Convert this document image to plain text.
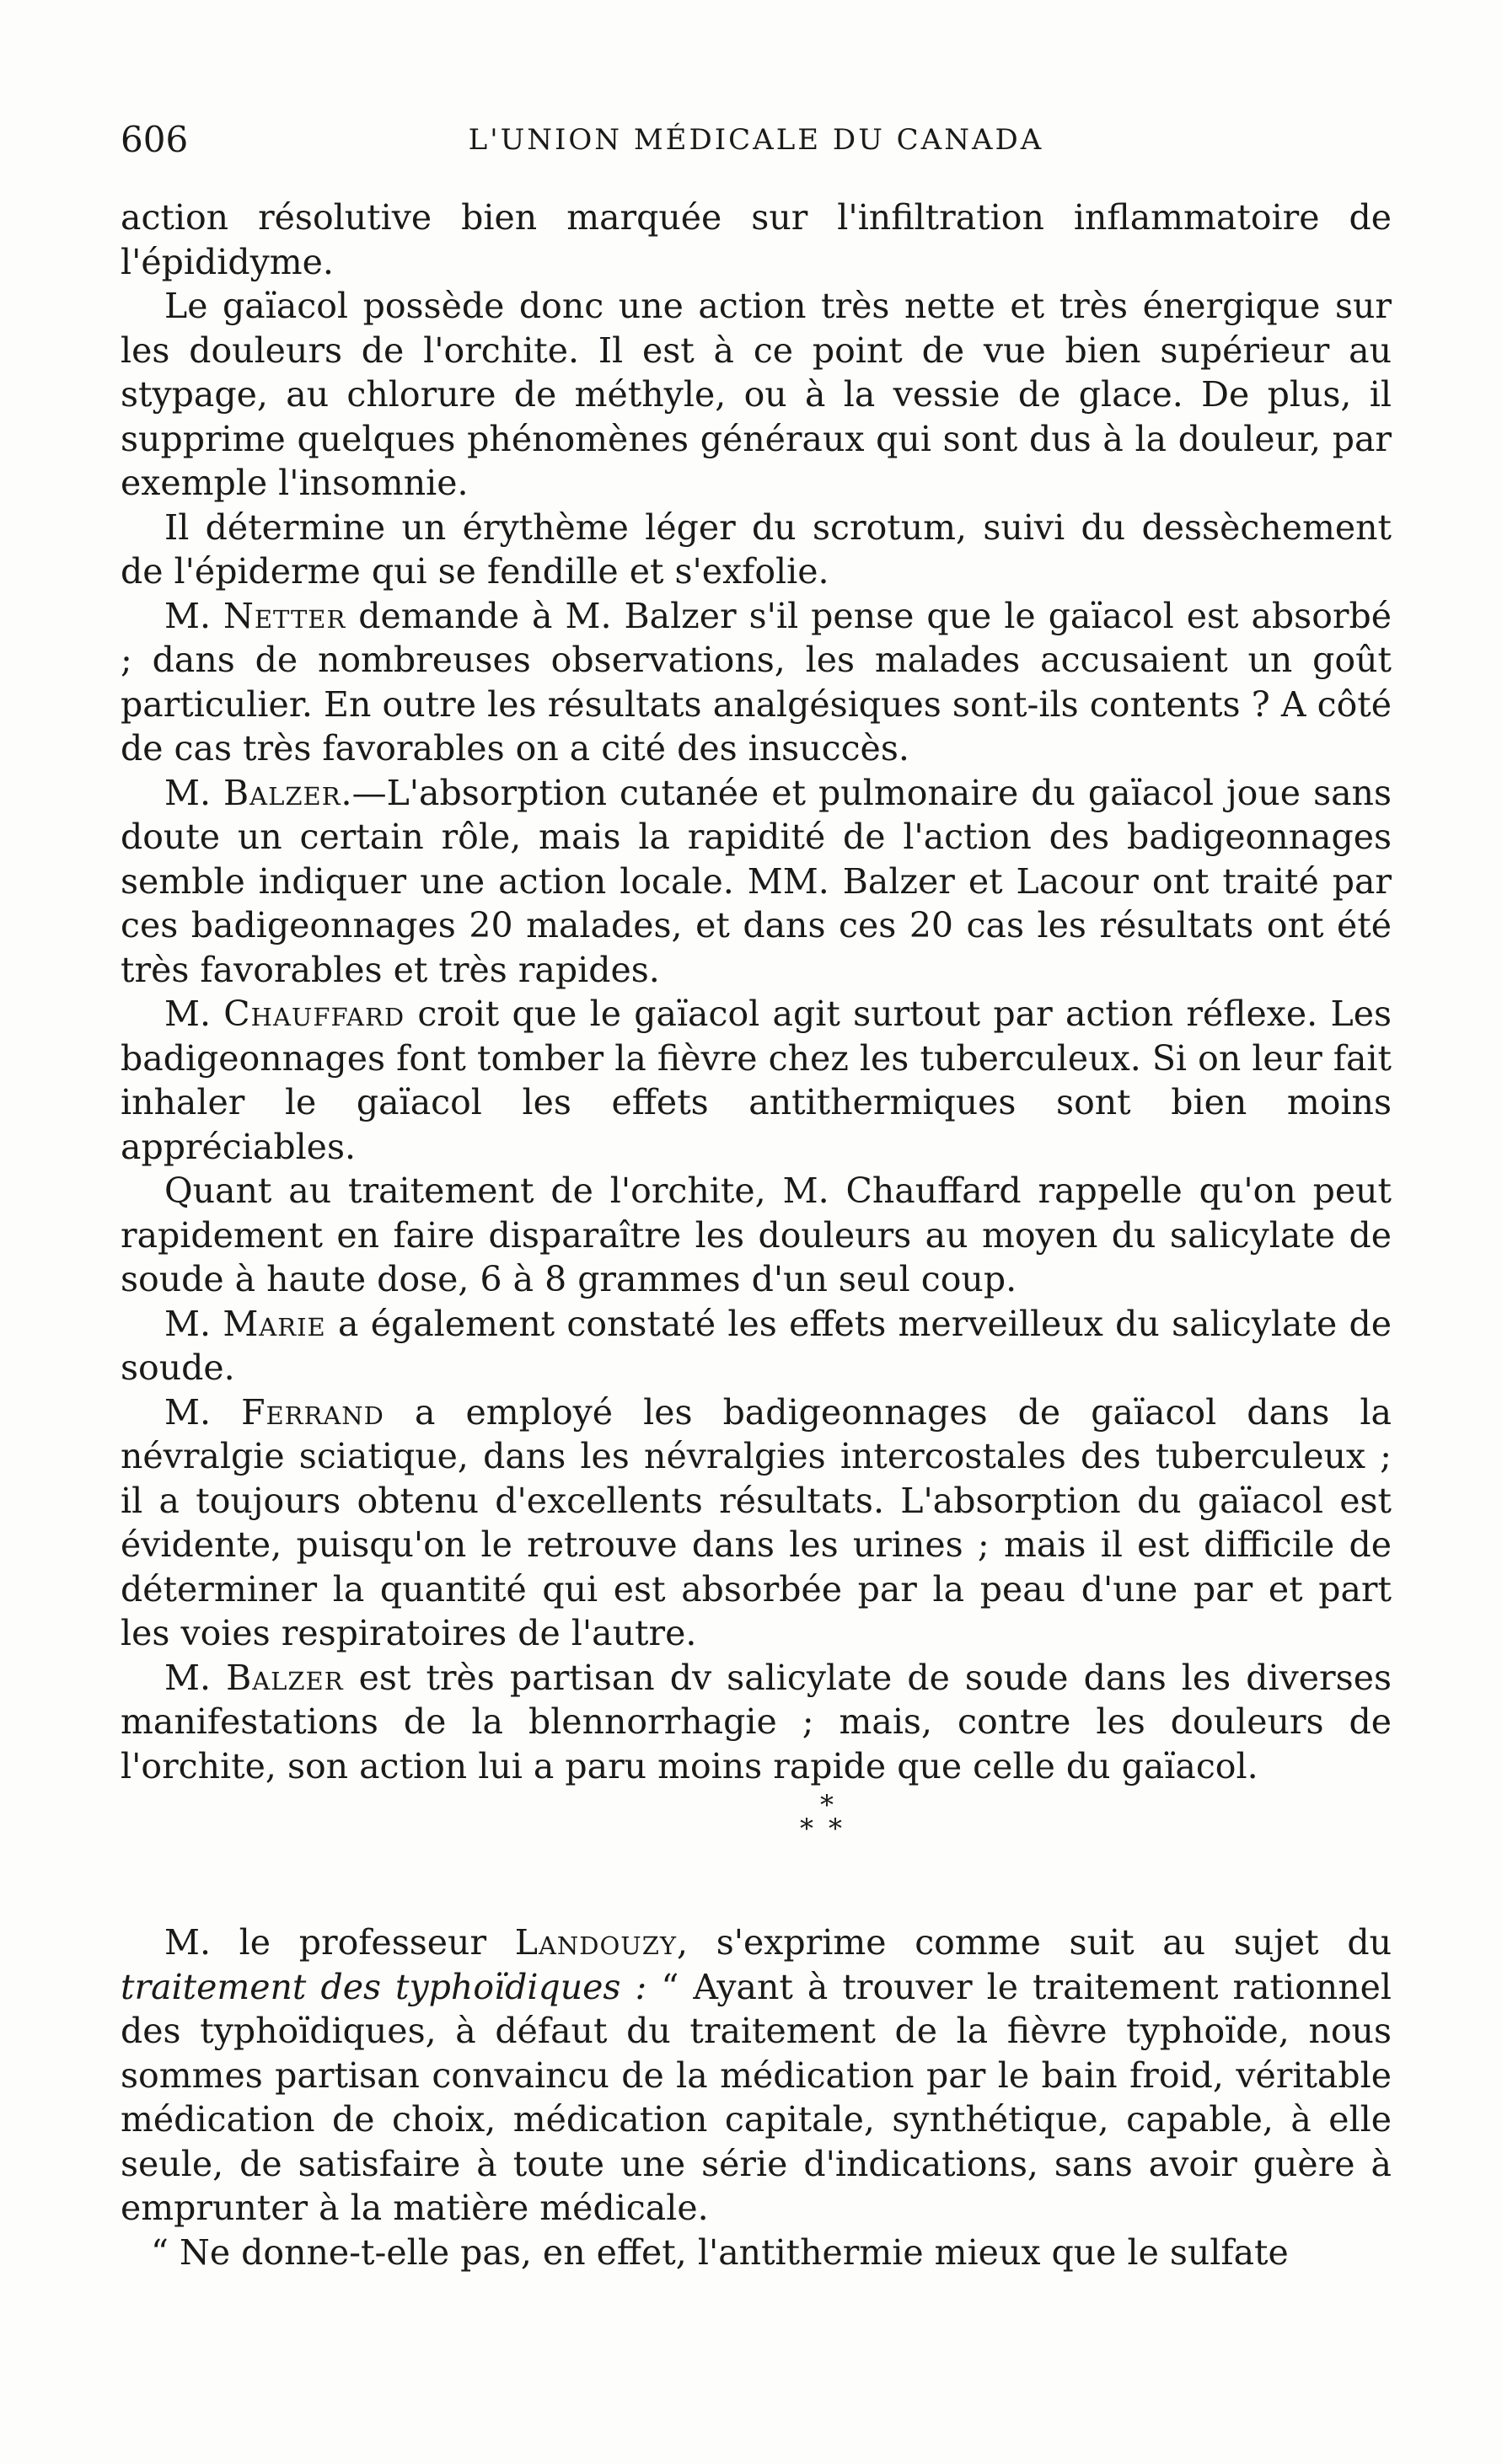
606	L'UNION MÉDICALE DU CANADA

action résolutive bien marquée sur l'infiltration inflammatoire de l'épididyme.

Le gaïacol possède donc une action très nette et très énergique sur les douleurs de l'orchite. Il est à ce point de vue bien supérieur au stypage, au chlorure de méthyle, ou à la vessie de glace. De plus, il supprime quelques phénomènes généraux qui sont dus à la douleur, par exemple l'insomnie.

Il détermine un érythème léger du scrotum, suivi du dessèchement de l'épiderme qui se fendille et s'exfolie.

M. Netter demande à M. Balzer s'il pense que le gaïacol est absorbé ; dans de nombreuses observations, les malades accusaient un goût particulier. En outre les résultats analgésiques sont-ils contents ? A côté de cas très favorables on a cité des insuccès.

M. Balzer.—L'absorption cutanée et pulmonaire du gaïacol joue sans doute un certain rôle, mais la rapidité de l'action des badigeonnages semble indiquer une action locale. MM. Balzer et Lacour ont traité par ces badigeonnages 20 malades, et dans ces 20 cas les résultats ont été très favorables et très rapides.

M. Chauffard croit que le gaïacol agit surtout par action réflexe. Les badigeonnages font tomber la fièvre chez les tuberculeux. Si on leur fait inhaler le gaïacol les effets antithermiques sont bien moins appréciables.

Quant au traitement de l'orchite, M. Chauffard rappelle qu'on peut rapidement en faire disparaître les douleurs au moyen du salicylate de soude à haute dose, 6 à 8 grammes d'un seul coup.

M. Marie a également constaté les effets merveilleux du salicylate de soude.

M. Ferrand a employé les badigeonnages de gaïacol dans la névralgie sciatique, dans les névralgies intercostales des tuberculeux ; il a toujours obtenu d'excellents résultats. L'absorption du gaïacol est évidente, puisqu'on le retrouve dans les urines ; mais il est difficile de déterminer la quantité qui est absorbée par la peau d'une par et part les voies respiratoires de l'autre.

M. Balzer est très partisan dv salicylate de soude dans les diverses manifestations de la blennorrhagie ; mais, contre les douleurs de l'orchite, son action lui a paru moins rapide que celle du gaïacol.

*
**

M. le professeur Landouzy, s'exprime comme suit au sujet du traitement des typhoïdiques : “ Ayant à trouver le traitement rationnel des typhoïdiques, à défaut du traitement de la fièvre typhoïde, nous sommes partisan convaincu de la médication par le bain froid, véritable médication de choix, médication capitale, synthétique, capable, à elle seule, de satisfaire à toute une série d'indications, sans avoir guère à emprunter à la matière médicale.

“ Ne donne-t-elle pas, en effet, l'antithermie mieux que le sulfate
